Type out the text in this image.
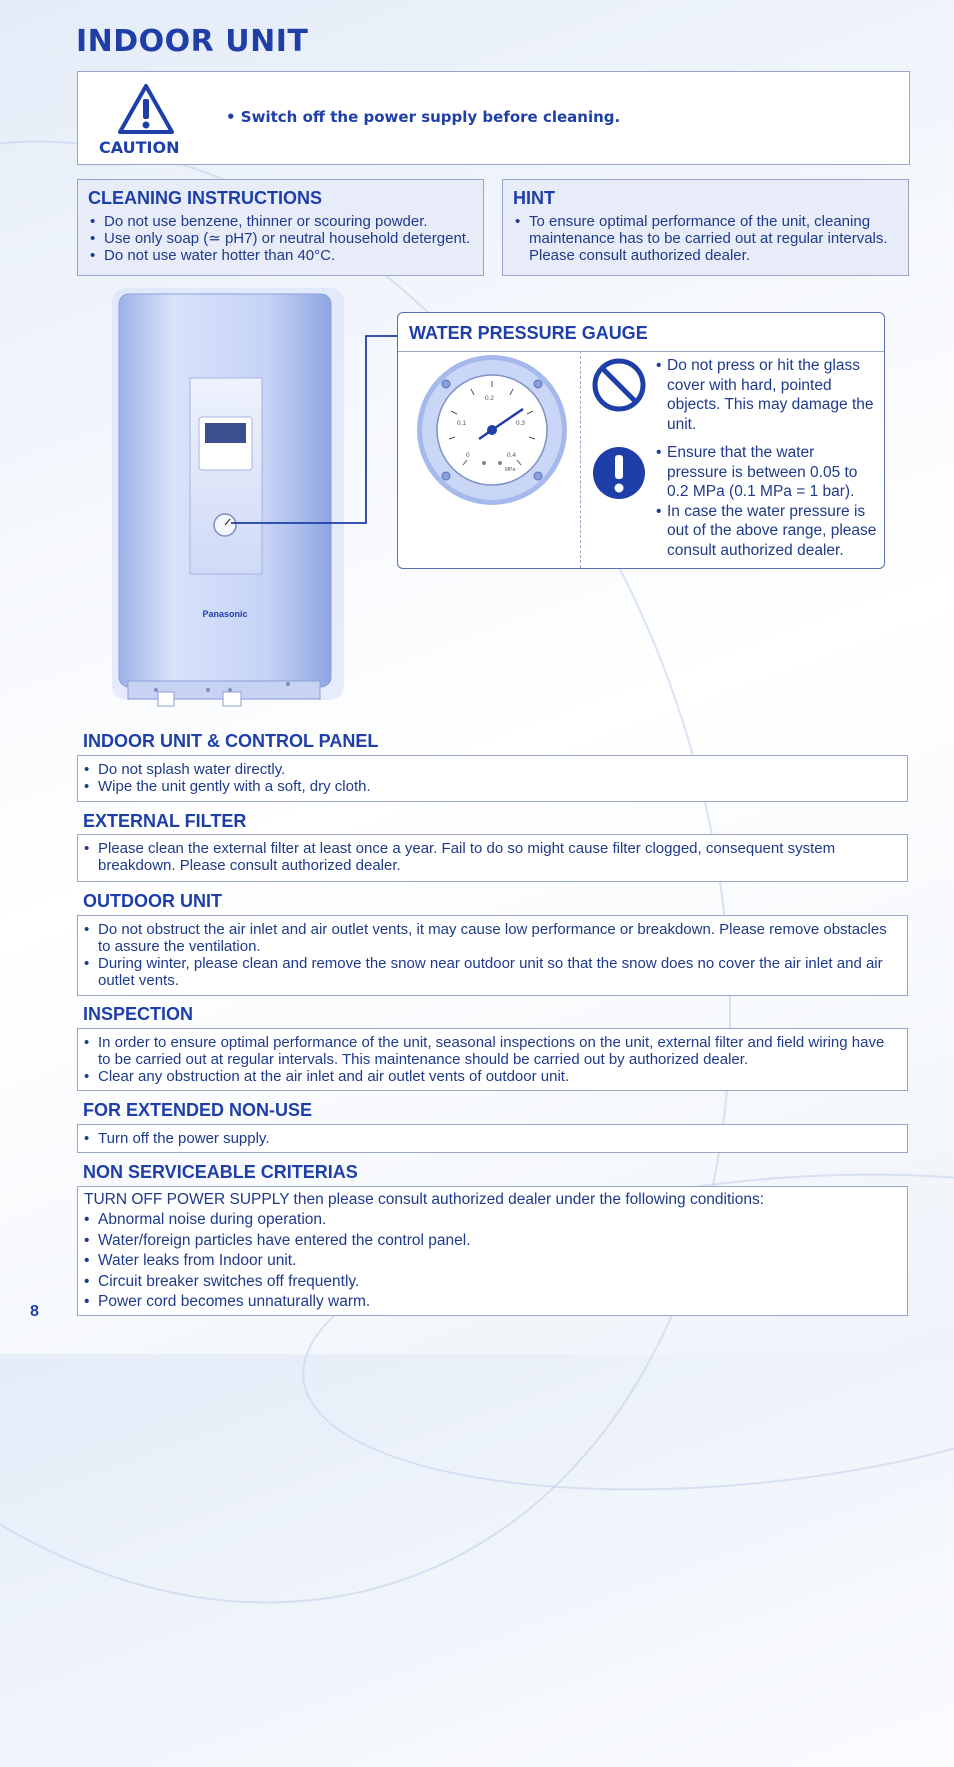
INDOOR UNIT
CAUTION
• Switch off the power supply before cleaning.
CLEANING INSTRUCTIONS
• Do not use benzene, thinner or scouring powder.
• Use only soap (≃ pH7) or neutral household detergent.
• Do not use water hotter than 40°C.
HINT
• To ensure optimal performance of the unit, cleaning maintenance has to be carried out at regular intervals. Please consult authorized dealer.
Panasonic
WATER PRESSURE GAUGE
0
0.1
0.2
0.3
0.4
MPa
• Do not press or hit the glass cover with hard, pointed objects. This may damage the unit.
• Ensure that the water pressure is between 0.05 to 0.2 MPa (0.1 MPa = 1 bar).
• In case the water pressure is out of the above range, please consult authorized dealer.
INDOOR UNIT & CONTROL PANEL
• Do not splash water directly.
• Wipe the unit gently with a soft, dry cloth.
EXTERNAL FILTER
• Please clean the external filter at least once a year. Fail to do so might cause filter clogged, consequent system breakdown. Please consult authorized dealer.
OUTDOOR UNIT
• Do not obstruct the air inlet and air outlet vents, it may cause low performance or breakdown. Please remove obstacles to assure the ventilation.
• During winter, please clean and remove the snow near outdoor unit so that the snow does no cover the air inlet and air outlet vents.
INSPECTION
• In order to ensure optimal performance of the unit, seasonal inspections on the unit, external filter and field wiring have to be carried out at regular intervals. This maintenance should be carried out by authorized dealer.
• Clear any obstruction at the air inlet and air outlet vents of outdoor unit.
FOR EXTENDED NON-USE
• Turn off the power supply.
NON SERVICEABLE CRITERIAS
TURN OFF POWER SUPPLY then please consult authorized dealer under the following conditions:
• Abnormal noise during operation.
• Water/foreign particles have entered the control panel.
• Water leaks from Indoor unit.
• Circuit breaker switches off frequently.
• Power cord becomes unnaturally warm.
8
